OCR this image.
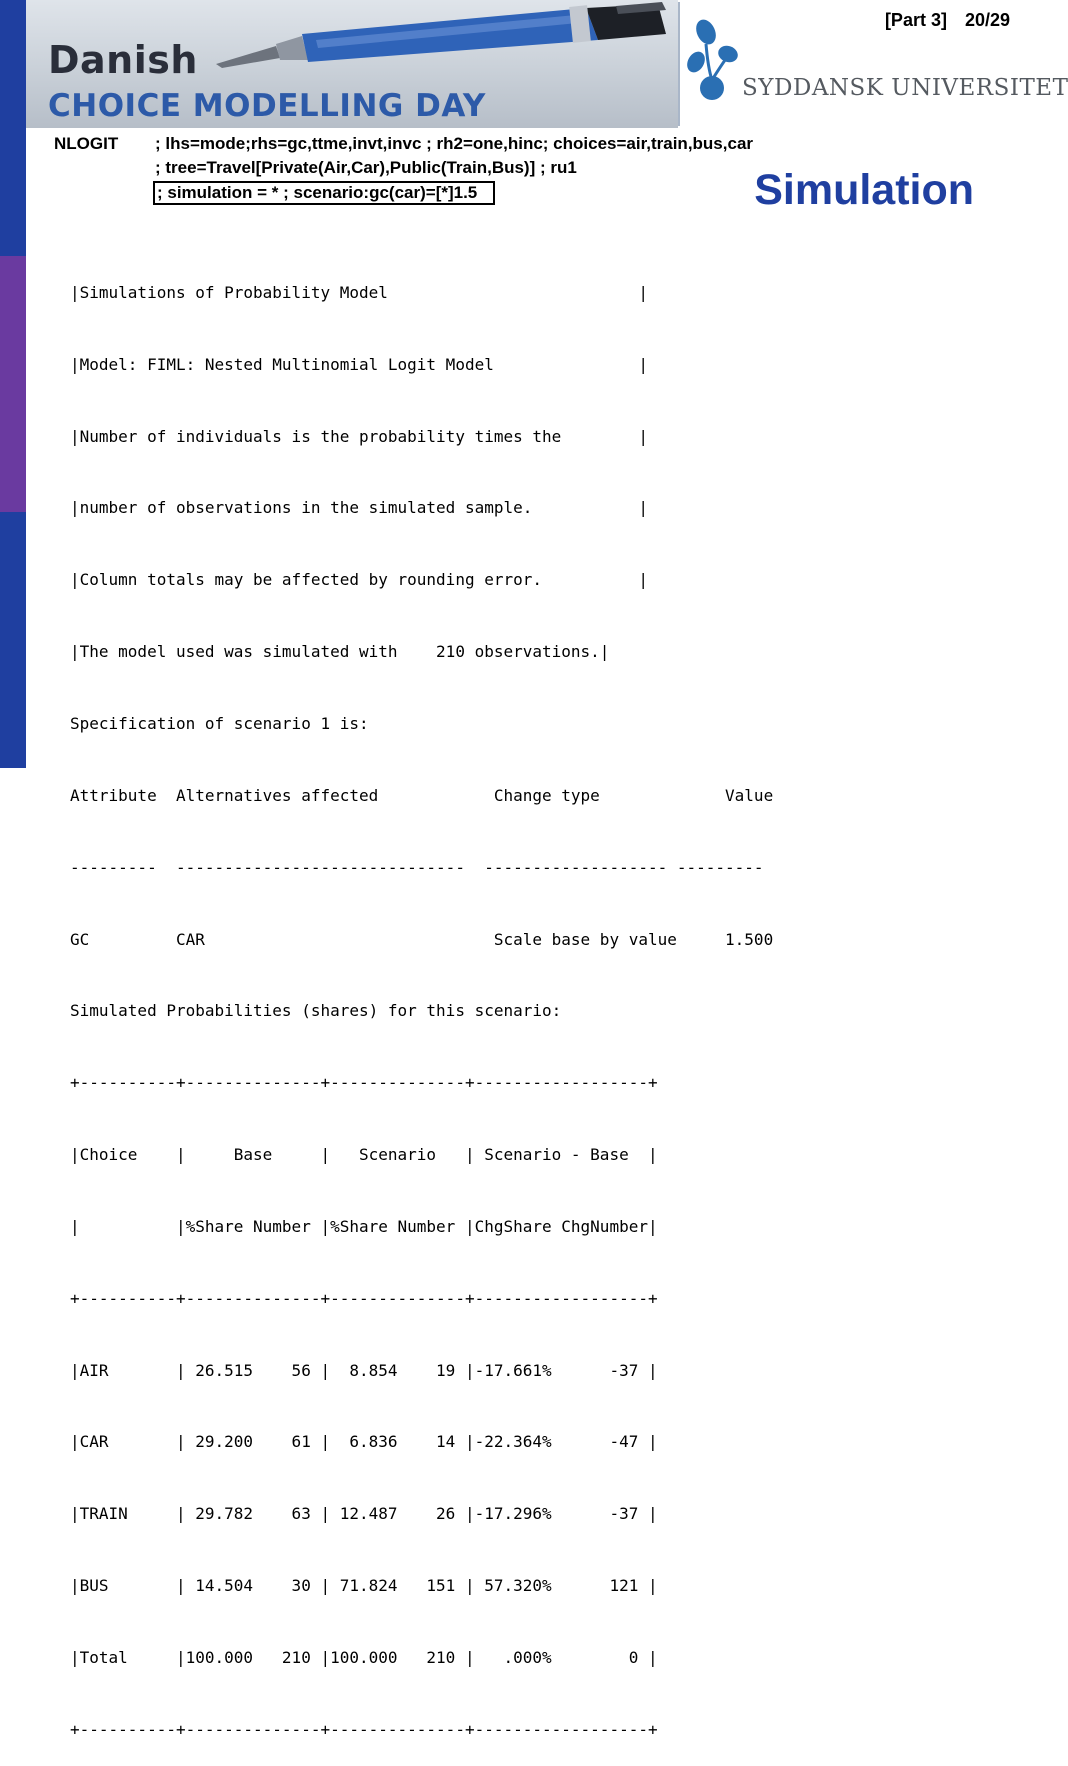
Danish
CHOICE MODELLING DAY	SYDDANSK UNIVERSITET
[Part 3] 20/29
NLOGIT ; lhs=mode;rhs=gc,ttme,invt,invc ; rh2=one,hinc; choices=air,train,bus,car
; tree=Travel[Private(Air,Car),Public(Train,Bus)] ; ru1
; simulation = * ; scenario:gc(car)=[*]1.5	Simulation

|Simulations of Probability Model                          |

|Model: FIML: Nested Multinomial Logit Model               |

|Number of individuals is the probability times the        |

|number of observations in the simulated sample.           |

|Column totals may be affected by rounding error.          |

|The model used was simulated with    210 observations.|

Specification of scenario 1 is:

Attribute  Alternatives affected            Change type             Value

---------  ------------------------------  ------------------- ---------

GC         CAR                              Scale base by value     1.500

Simulated Probabilities (shares) for this scenario:

+----------+--------------+--------------+------------------+

|Choice    |     Base     |   Scenario   | Scenario - Base  |

|          |%Share Number |%Share Number |ChgShare ChgNumber|

+----------+--------------+--------------+------------------+

|AIR       | 26.515    56 |  8.854    19 |-17.661%      -37 |

|CAR       | 29.200    61 |  6.836    14 |-22.364%      -47 |

|TRAIN     | 29.782    63 | 12.487    26 |-17.296%      -37 |

|BUS       | 14.504    30 | 71.824   151 | 57.320%      121 |

|Total     |100.000   210 |100.000   210 |   .000%        0 |

+----------+--------------+--------------+------------------+
